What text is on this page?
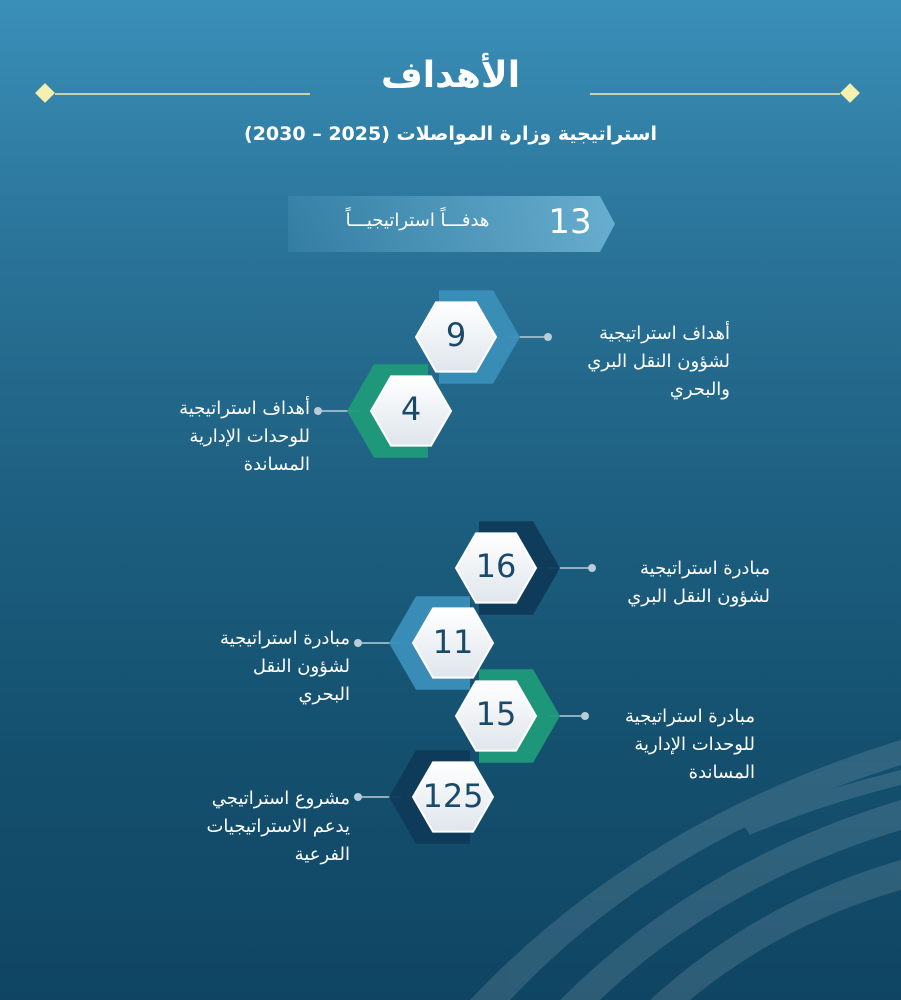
الأهداف
استراتيجية وزارة المواصلات (2025 – 2030)
13
هدفـــاً استراتيجيـــاً
9
4
16
11
15
125
أهداف استراتيجية
لشؤون النقل البري
والبحري
أهداف استراتيجية
للوحدات الإدارية
المساندة
مبادرة استراتيجية
لشؤون النقل البري
مبادرة استراتيجية
لشؤون النقل
البحري
مبادرة استراتيجية
للوحدات الإدارية
المساندة
مشروع استراتيجي
يدعم الاستراتيجيات
الفرعية
